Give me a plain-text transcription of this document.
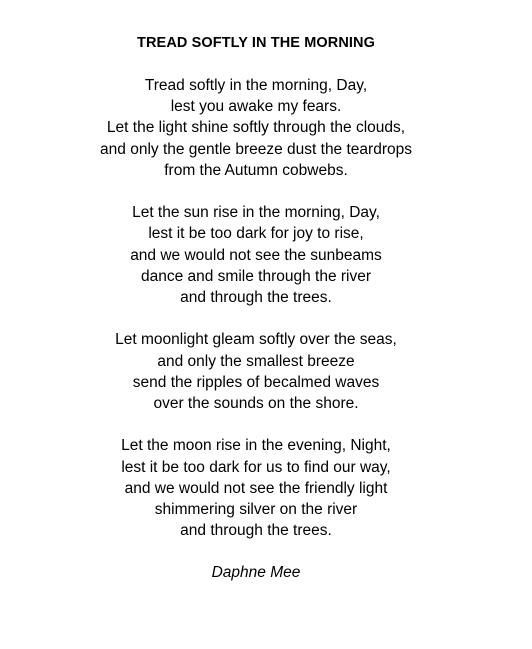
TREAD SOFTLY IN THE MORNING
Tread softly in the morning, Day,
lest you awake my fears.
Let the light shine softly through the clouds,
and only the gentle breeze dust the teardrops
from the Autumn cobwebs.
Let the sun rise in the morning, Day,
lest it be too dark for joy to rise,
and we would not see the sunbeams
dance and smile through the river
and through the trees.
Let moonlight gleam softly over the seas,
and only the smallest breeze
send the ripples of becalmed waves
over the sounds on the shore.
Let the moon rise in the evening, Night,
lest it be too dark for us to find our way,
and we would not see the friendly light
shimmering silver on the river
and through the trees.
Daphne Mee
